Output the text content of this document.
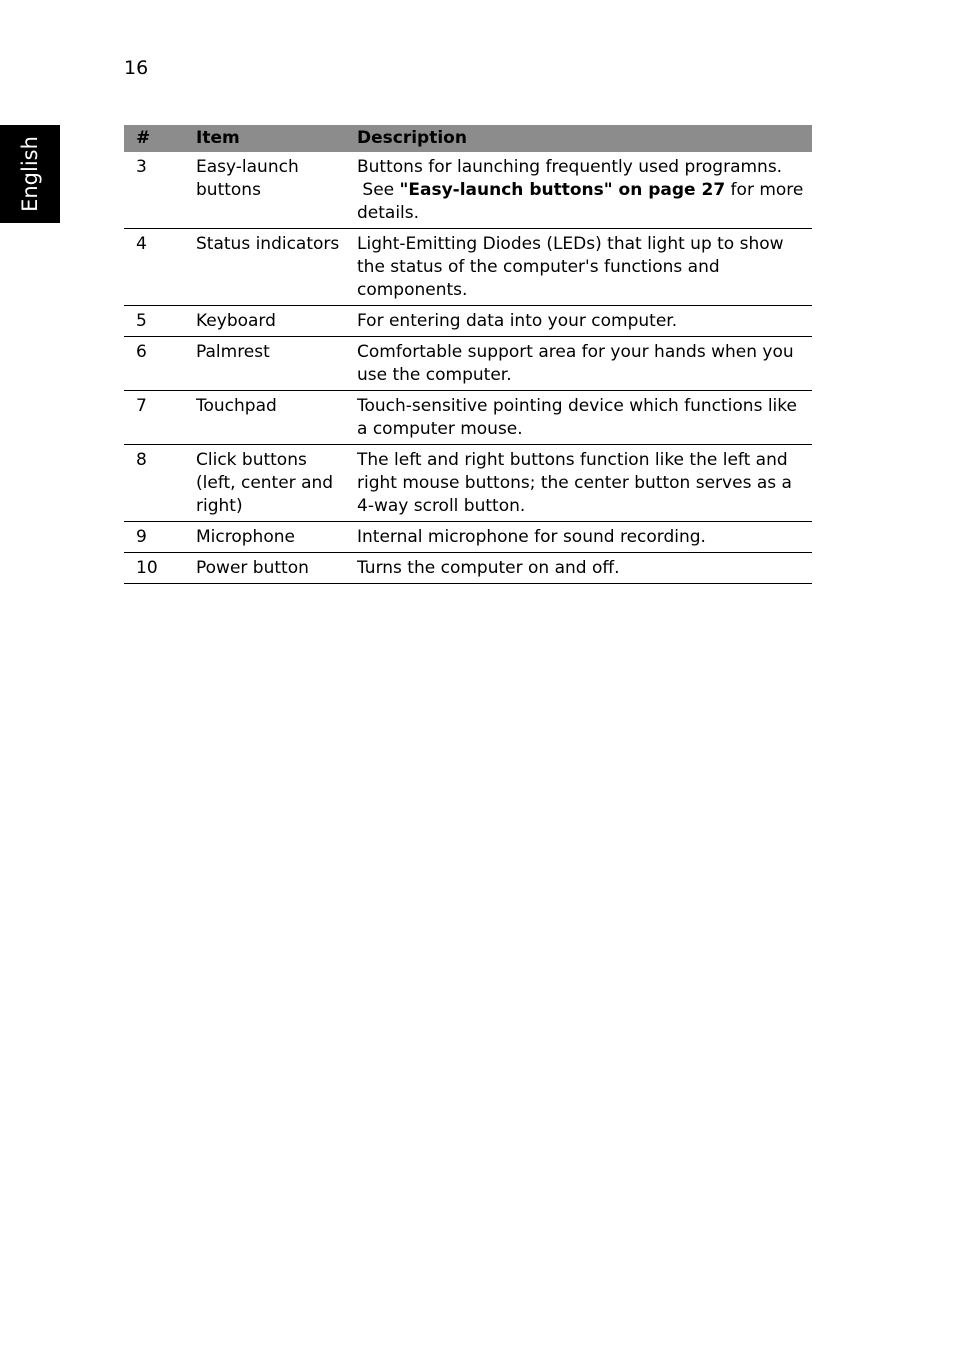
16
English	#	Item	Description
3	Easy-launch buttons	Buttons for launching frequently used programns. See "Easy-launch buttons" on page 27 for more details.
4	Status indicators	Light-Emitting Diodes (LEDs) that light up to show the status of the computer's functions and components.
5	Keyboard	For entering data into your computer.
6	Palmrest	Comfortable support area for your hands when you use the computer.
7	Touchpad	Touch-sensitive pointing device which functions like a computer mouse.
8	Click buttons (left, center and right)	The left and right buttons function like the left and right mouse buttons; the center button serves as a 4-way scroll button.
9	Microphone	Internal microphone for sound recording.
10	Power button	Turns the computer on and off.
